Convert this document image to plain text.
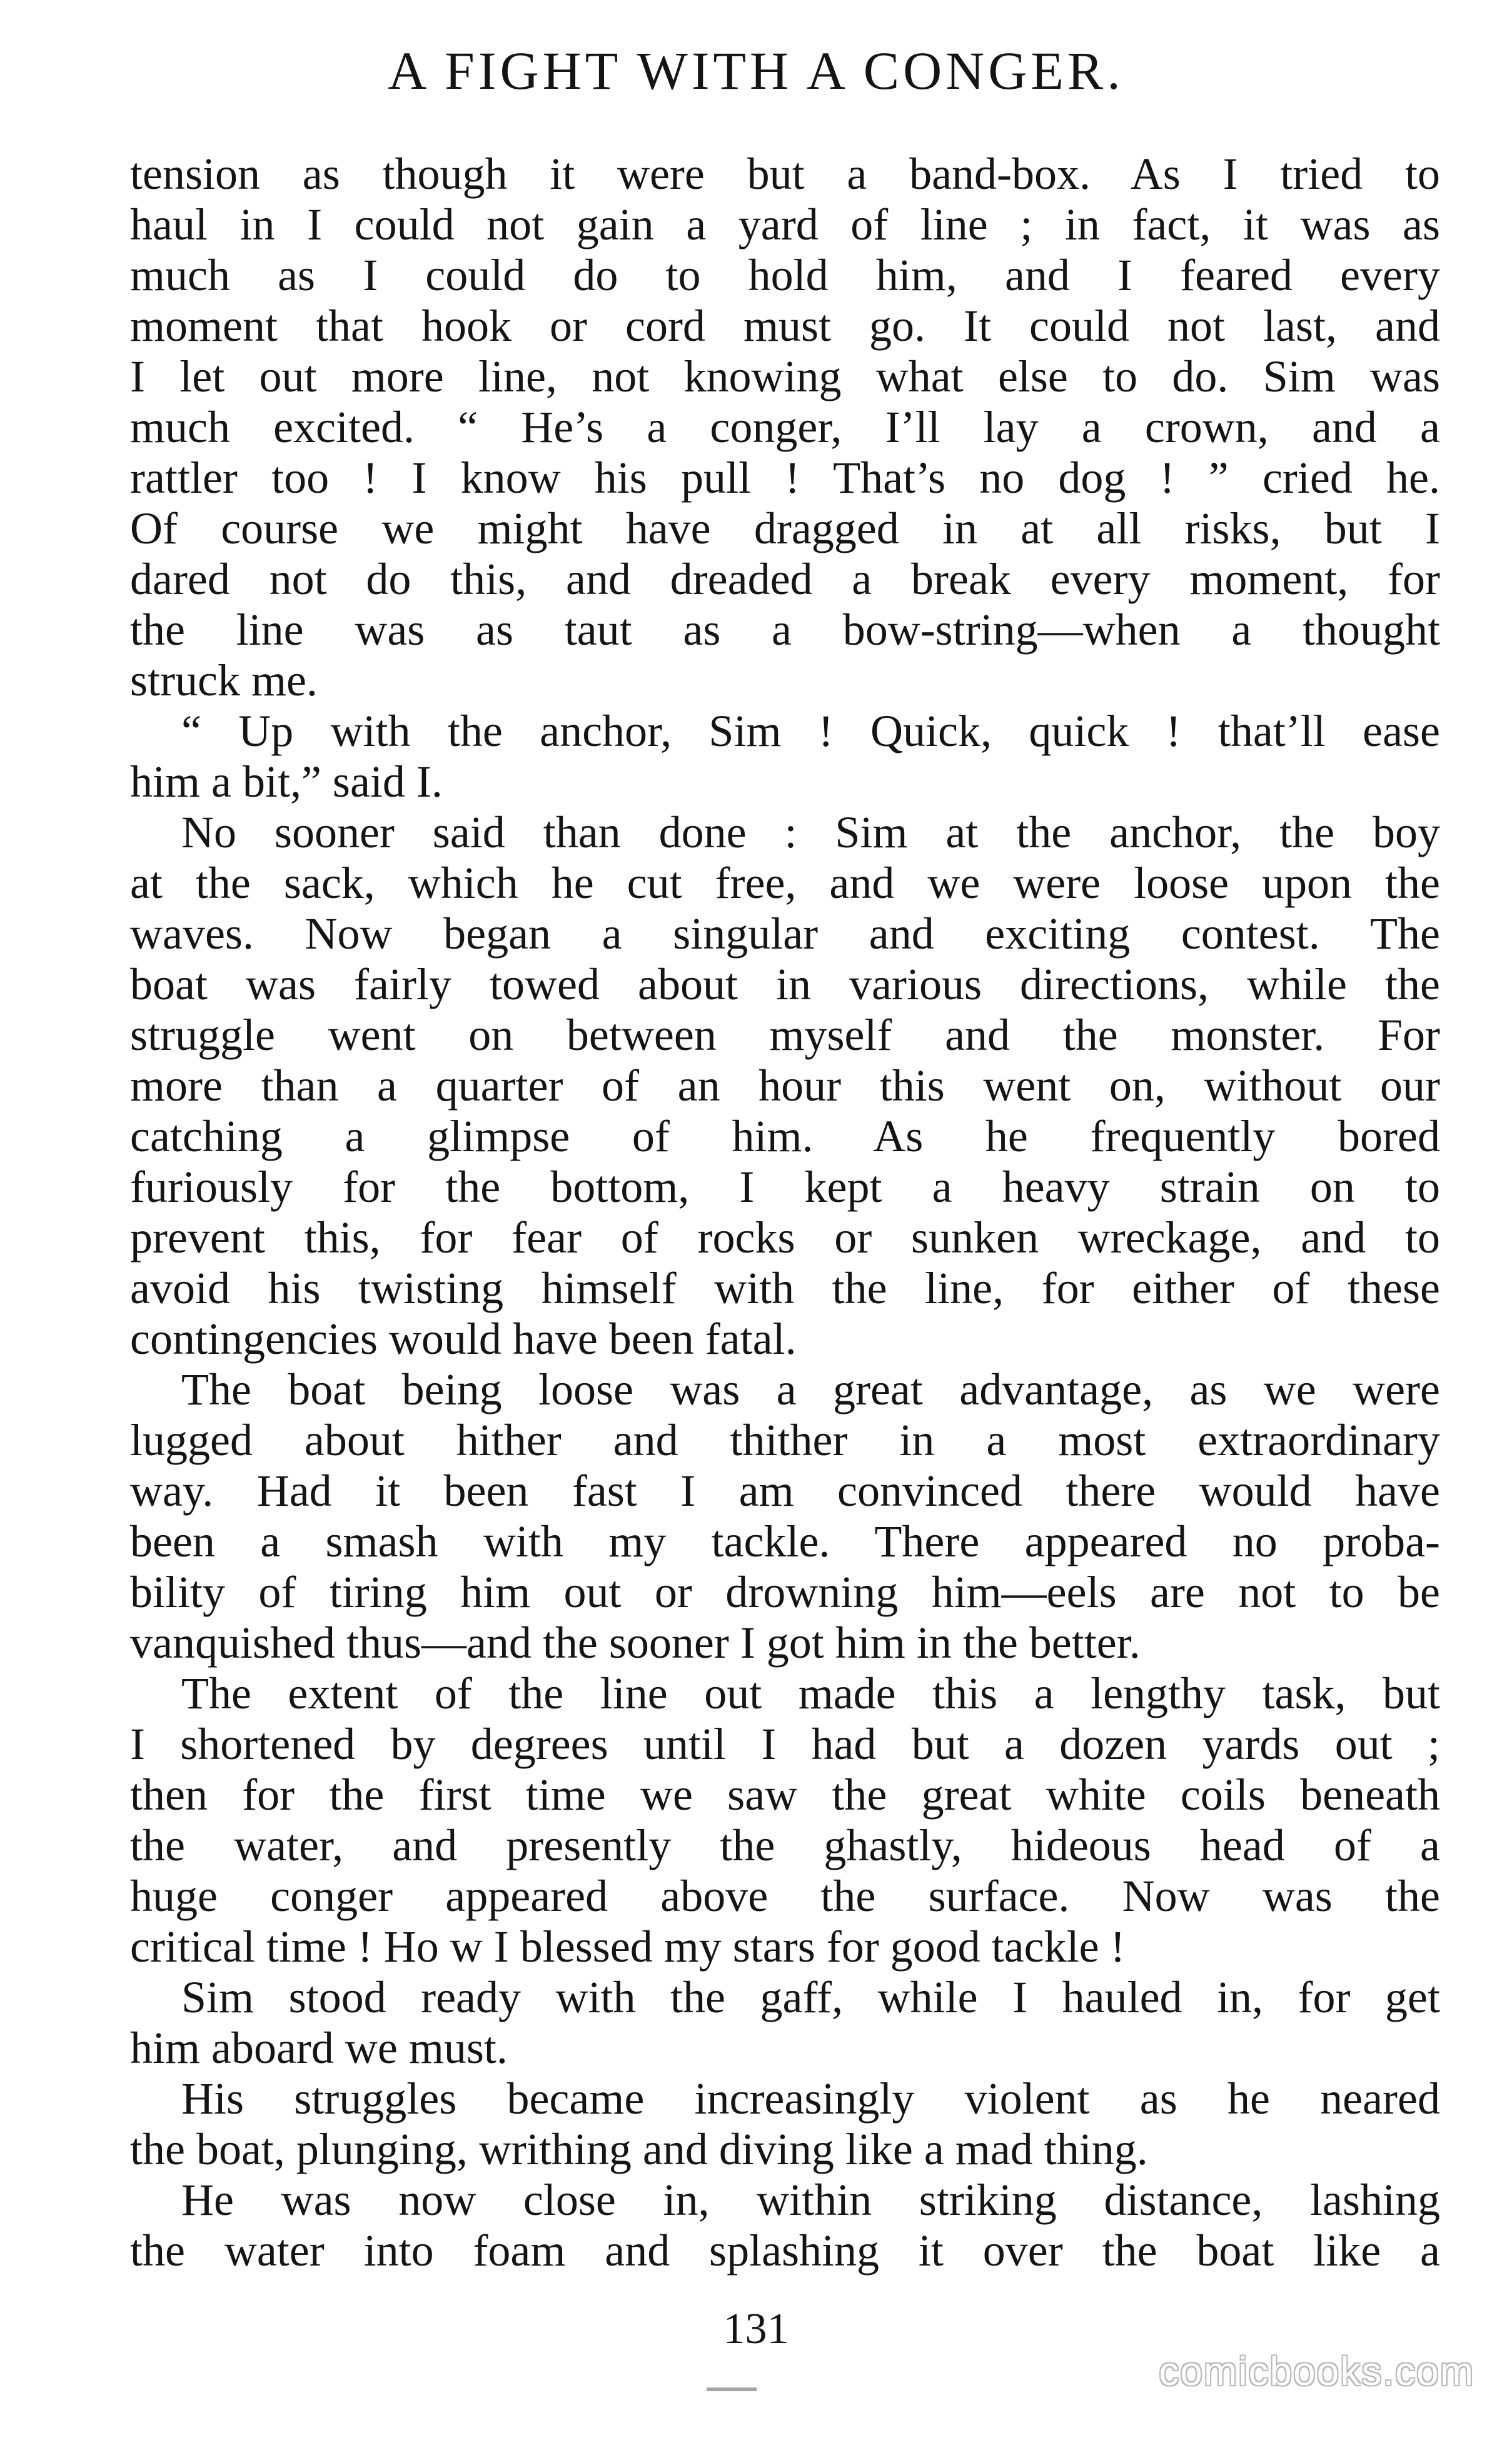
A FIGHT WITH A CONGER.
tension as though it were but a band-box. As I tried to
haul in I could not gain a yard of line ; in fact, it was as
much as I could do to hold him, and I feared every
moment that hook or cord must go. It could not last, and
I let out more line, not knowing what else to do. Sim was
much excited. “ He’s a conger, I’ll lay a crown, and a
rattler too ! I know his pull ! That’s no dog ! ” cried he.
Of course we might have dragged in at all risks, but I
dared not do this, and dreaded a break every moment, for
the line was as taut as a bow-string—when a thought
struck me.
“ Up with the anchor, Sim ! Quick, quick ! that’ll ease
him a bit,” said I.
No sooner said than done : Sim at the anchor, the boy
at the sack, which he cut free, and we were loose upon the
waves. Now began a singular and exciting contest. The
boat was fairly towed about in various directions, while the
struggle went on between myself and the monster. For
more than a quarter of an hour this went on, without our
catching a glimpse of him. As he frequently bored
furiously for the bottom, I kept a heavy strain on to
prevent this, for fear of rocks or sunken wreckage, and to
avoid his twisting himself with the line, for either of these
contingencies would have been fatal.
The boat being loose was a great advantage, as we were
lugged about hither and thither in a most extraordinary
way. Had it been fast I am convinced there would have
been a smash with my tackle. There appeared no proba-
bility of tiring him out or drowning him—eels are not to be
vanquished thus—and the sooner I got him in the better.
The extent of the line out made this a lengthy task, but
I shortened by degrees until I had but a dozen yards out ;
then for the first time we saw the great white coils beneath
the water, and presently the ghastly, hideous head of a
huge conger appeared above the surface. Now was the
critical time ! Ho w I blessed my stars for good tackle !
Sim stood ready with the gaff, while I hauled in, for get
him aboard we must.
His struggles became increasingly violent as he neared
the boat, plunging, writhing and diving like a mad thing.
He was now close in, within striking distance, lashing
the water into foam and splashing it over the boat like a
131
comicbooks.com
